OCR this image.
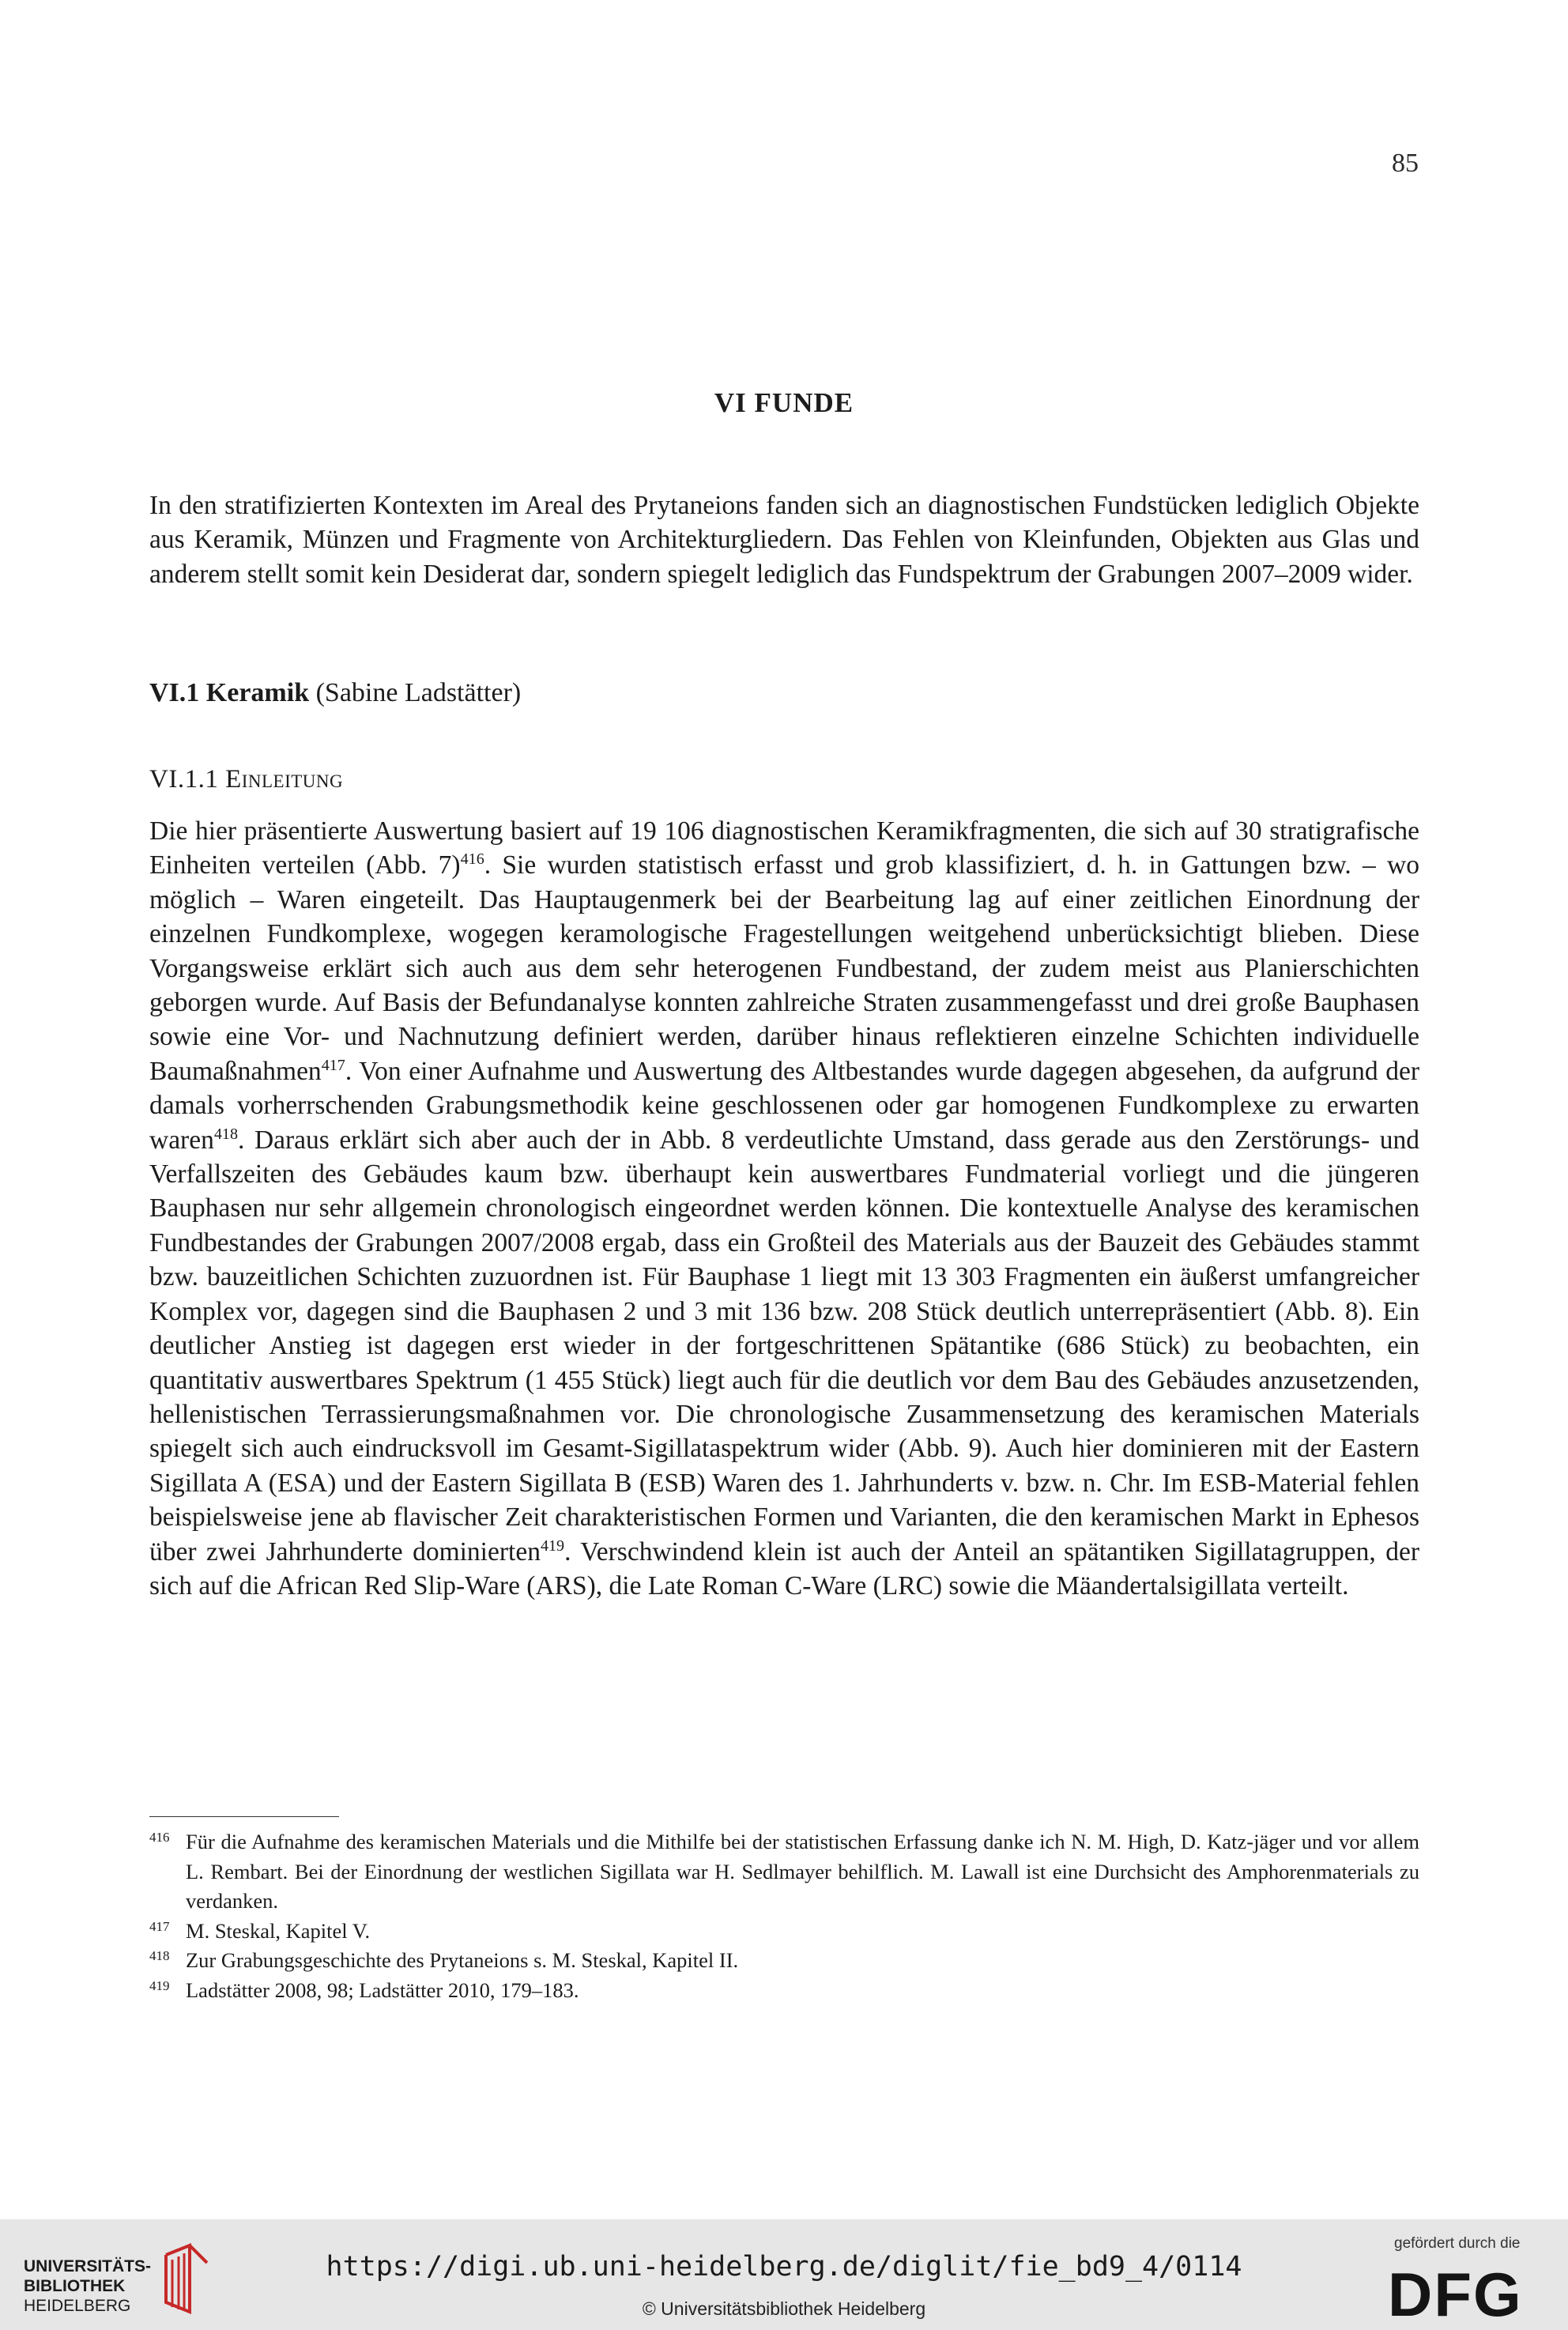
85
VI FUNDE

In den stratifizierten Kontexten im Areal des Prytaneions fanden sich an diagnostischen Fundstücken lediglich Objekte aus Keramik, Münzen und Fragmente von Architekturgliedern. Das Fehlen von Kleinfunden, Objekten aus Glas und anderem stellt somit kein Desiderat dar, sondern spiegelt lediglich das Fundspektrum der Grabungen 2007–2009 wider.

VI.1 Keramik (Sabine Ladstätter)
VI.1.1 Einleitung

Die hier präsentierte Auswertung basiert auf 19 106 diagnostischen Keramikfragmenten, die sich auf 30 stratigrafische Einheiten verteilen (Abb. 7)$^{416}$. Sie wurden statistisch erfasst und grob klassifiziert, d. h. in Gattungen bzw. – wo möglich – Waren eingeteilt. Das Hauptaugenmerk bei der Bearbeitung lag auf einer zeitlichen Einordnung der einzelnen Fundkomplexe, wogegen keramologische Fragestellungen weitgehend unberücksichtigt blieben. Diese Vorgangsweise erklärt sich auch aus dem sehr heterogenen Fundbestand, der zudem meist aus Planierschichten geborgen wurde. Auf Basis der Befundanalyse konnten zahlreiche Straten zusammengefasst und drei große Bauphasen sowie eine Vor- und Nachnutzung definiert werden, darüber hinaus reflektieren einzelne Schichten individuelle Baumaßnahmen$^{417}$. Von einer Aufnahme und Auswertung des Altbestandes wurde dagegen abgesehen, da aufgrund der damals vorherrschenden Grabungsmethodik keine geschlossenen oder gar homogenen Fundkomplexe zu erwarten waren$^{418}$. Daraus erklärt sich aber auch der in Abb. 8 verdeutlichte Umstand, dass gerade aus den Zerstörungs- und Verfallszeiten des Gebäudes kaum bzw. überhaupt kein auswertbares Fundmaterial vorliegt und die jüngeren Bauphasen nur sehr allgemein chronologisch eingeordnet werden können. Die kontextuelle Analyse des keramischen Fundbestandes der Grabungen 2007/2008 ergab, dass ein Großteil des Materials aus der Bauzeit des Gebäudes stammt bzw. bauzeitlichen Schichten zuzuordnen ist. Für Bauphase 1 liegt mit 13 303 Fragmenten ein äußerst umfangreicher Komplex vor, dagegen sind die Bauphasen 2 und 3 mit 136 bzw. 208 Stück deutlich unterrepräsentiert (Abb. 8). Ein deutlicher Anstieg ist dagegen erst wieder in der fortgeschrittenen Spätantike (686 Stück) zu beobachten, ein quantitativ auswertbares Spektrum (1 455 Stück) liegt auch für die deutlich vor dem Bau des Gebäudes anzusetzenden, hellenistischen Terrassierungsmaßnahmen vor. Die chronologische Zusammensetzung des keramischen Materials spiegelt sich auch eindrucksvoll im Gesamt-Sigillataspektrum wider (Abb. 9). Auch hier dominieren mit der Eastern Sigillata A (ESA) und der Eastern Sigillata B (ESB) Waren des 1. Jahrhunderts v. bzw. n. Chr. Im ESB-Material fehlen beispielsweise jene ab flavischer Zeit charakteristischen Formen und Varianten, die den keramischen Markt in Ephesos über zwei Jahrhunderte dominierten$^{419}$. Verschwindend klein ist auch der Anteil an spätantiken Sigillatagruppen, der sich auf die African Red Slip-Ware (ARS), die Late Roman C-Ware (LRC) sowie die Mäandertalsigillata verteilt.

416 Für die Aufnahme des keramischen Materials und die Mithilfe bei der statistischen Erfassung danke ich N. M. High, D. Katz-jäger und vor allem L. Rembart. Bei der Einordnung der westlichen Sigillata war H. Sedlmayer behilflich. M. Lawall ist eine Durchsicht des Amphorenmaterials zu verdanken.
417 M. Steskal, Kapitel V.
418 Zur Grabungsgeschichte des Prytaneions s. M. Steskal, Kapitel II.
419 Ladstätter 2008, 98; Ladstätter 2010, 179–183.
UNIVERSITÄTS-
BIBLIOTHEK
HEIDELBERG
https://digi.ub.uni-heidelberg.de/diglit/fie_bd9_4/0114
© Universitätsbibliothek Heidelberg
gefördert durch die
DFG
